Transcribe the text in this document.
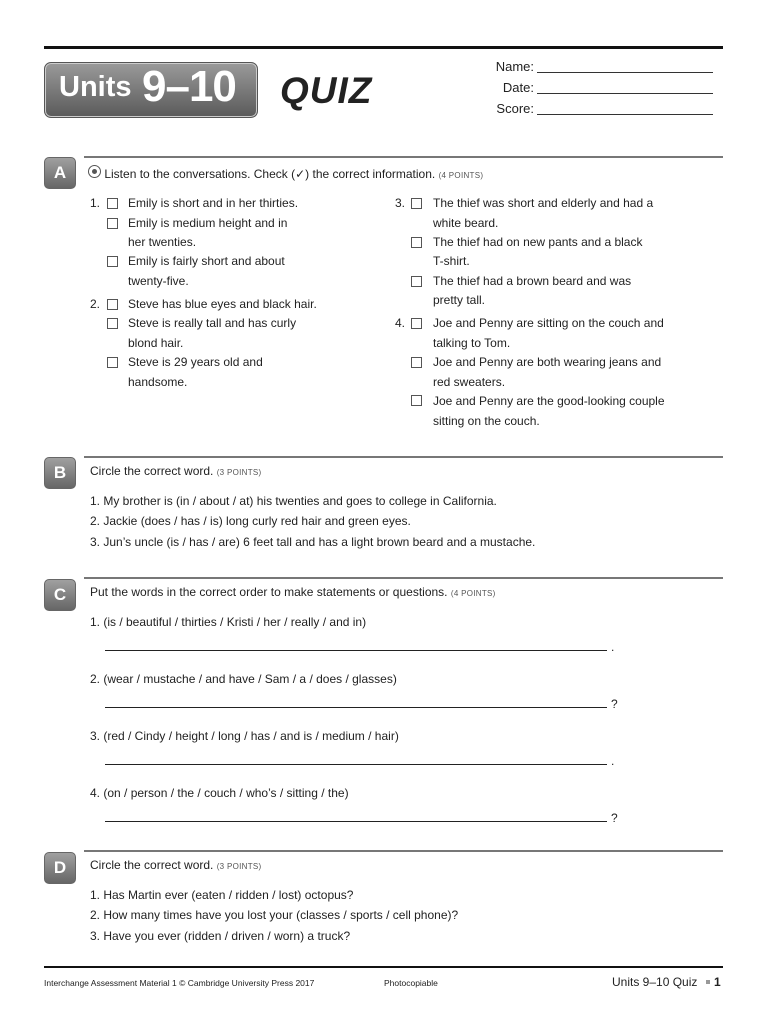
Units 9–10 QUIZ
Name:
Date:
Score:
A	Listen to the conversations. Check (✓) the correct information. (4 POINTS)
1. Emily is short and in her thirties.
Emily is medium height and in
her twenties.
Emily is fairly short and about
twenty-five.
2. Steve has blue eyes and black hair.
Steve is really tall and has curly
blond hair.
Steve is 29 years old and
handsome.
3. The thief was short and elderly and had a
white beard.
The thief had on new pants and a black
T-shirt.
The thief had a brown beard and was
pretty tall.
4. Joe and Penny are sitting on the couch and
talking to Tom.
Joe and Penny are both wearing jeans and
red sweaters.
Joe and Penny are the good-looking couple
sitting on the couch.
B	Circle the correct word. (3 POINTS)
1. My brother is (in / about / at) his twenties and goes to college in California.
2. Jackie (does / has / is) long curly red hair and green eyes.
3. Jun’s uncle (is / has / are) 6 feet tall and has a light brown beard and a mustache.
C	Put the words in the correct order to make statements or questions. (4 POINTS)
1. (is / beautiful / thirties / Kristi / her / really / and in)
.
2. (wear / mustache / and have / Sam / a / does / glasses)
?
3. (red / Cindy / height / long / has / and is / medium / hair)
.
4. (on / person / the / couch / who’s / sitting / the)
?
D	Circle the correct word. (3 POINTS)
1. Has Martin ever (eaten / ridden / lost) octopus?
2. How many times have you lost your (classes / sports / cell phone)?
3. Have you ever (ridden / driven / worn) a truck?
Interchange Assessment Material 1 © Cambridge University Press 2017	Photocopiable	Units 9–10 Quiz 1
